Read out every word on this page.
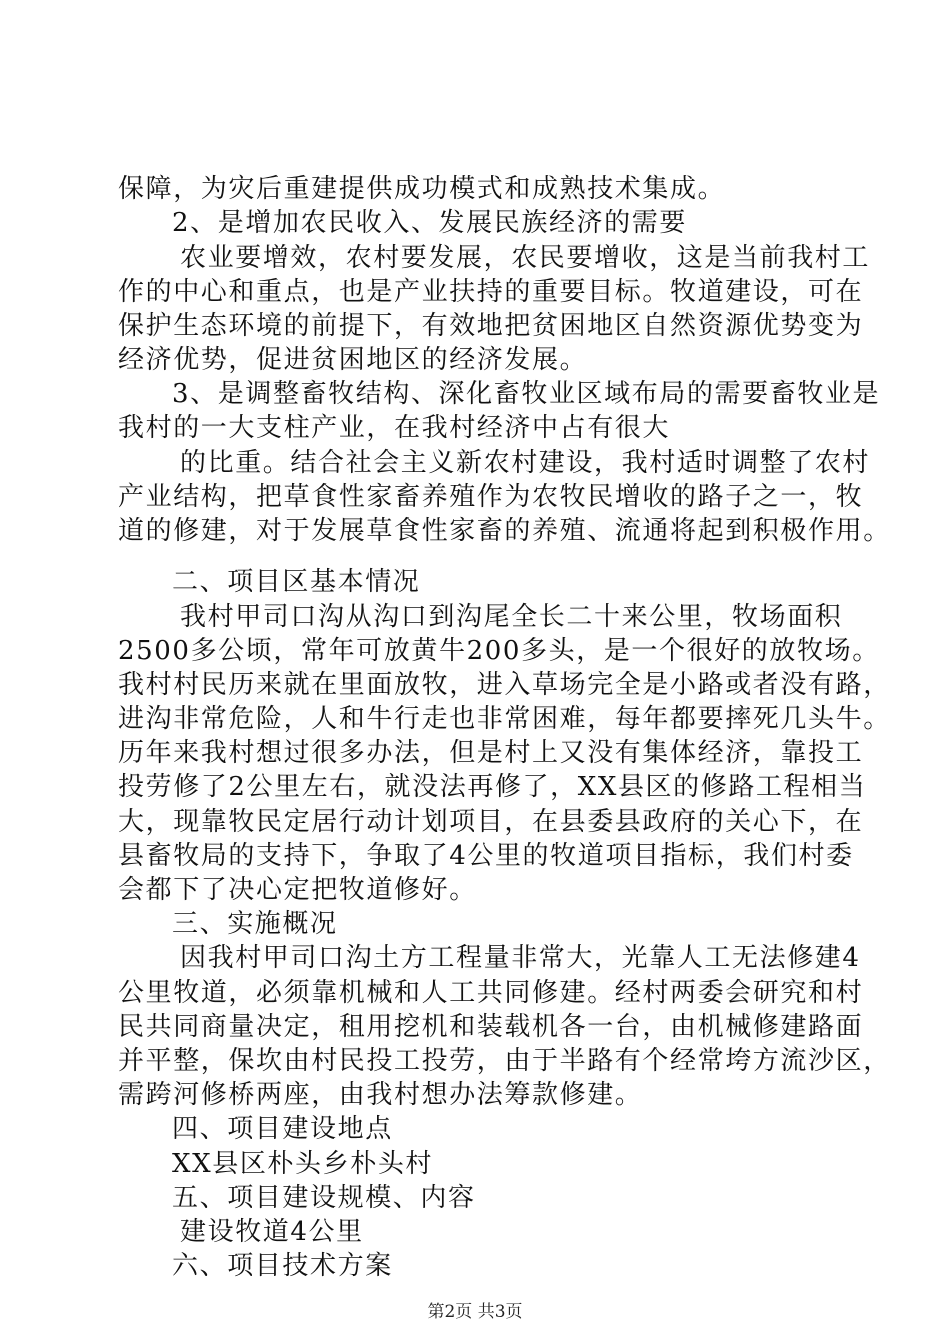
保障，为灾后重建提供成功模式和成熟技术集成。
2、是增加农民收入、发展民族经济的需要
农业要增效，农村要发展，农民要增收，这是当前我村工
作的中心和重点，也是产业扶持的重要目标。牧道建设，可在
保护生态环境的前提下，有效地把贫困地区自然资源优势变为
经济优势，促进贫困地区的经济发展。
3、是调整畜牧结构、深化畜牧业区域布局的需要畜牧业是
我村的一大支柱产业，在我村经济中占有很大
的比重。结合社会主义新农村建设，我村适时调整了农村
产业结构，把草食性家畜养殖作为农牧民增收的路子之一，牧
道的修建，对于发展草食性家畜的养殖、流通将起到积极作用。
二、项目区基本情况
我村甲司口沟从沟口到沟尾全长二十来公里，牧场面积
2500多公顷，常年可放黄牛200多头，是一个很好的放牧场。
我村村民历来就在里面放牧，进入草场完全是小路或者没有路，
进沟非常危险，人和牛行走也非常困难，每年都要摔死几头牛。
历年来我村想过很多办法，但是村上又没有集体经济，靠投工
投劳修了2公里左右，就没法再修了，XX县区的修路工程相当
大，现靠牧民定居行动计划项目，在县委县政府的关心下，在
县畜牧局的支持下，争取了4公里的牧道项目指标，我们村委
会都下了决心定把牧道修好。
三、实施概况
因我村甲司口沟土方工程量非常大，光靠人工无法修建4
公里牧道，必须靠机械和人工共同修建。经村两委会研究和村
民共同商量决定，租用挖机和装载机各一台，由机械修建路面
并平整，保坎由村民投工投劳，由于半路有个经常垮方流沙区，
需跨河修桥两座，由我村想办法筹款修建。
四、项目建设地点
XX县区朴头乡朴头村
五、项目建设规模、内容
建设牧道4公里
六、项目技术方案
第2页 共3页
